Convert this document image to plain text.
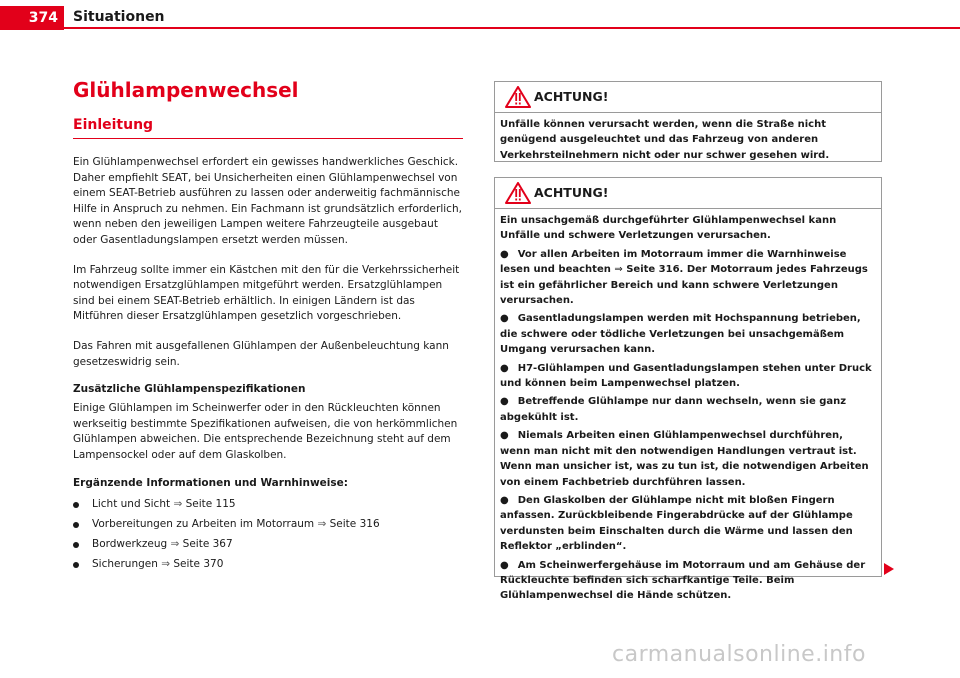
374	Situationen
Glühlampenwechsel
Einleitung

Ein Glühlampenwechsel erfordert ein gewisses handwerkliches Geschick. Daher empfiehlt SEAT, bei Unsicherheiten einen Glühlampenwechsel von einem SEAT-Betrieb ausführen zu lassen oder anderweitig fachmännische Hilfe in Anspruch zu nehmen. Ein Fachmann ist grundsätzlich erforderlich, wenn neben den jeweiligen Lampen weitere Fahrzeugteile ausgebaut oder Gasentladungslampen ersetzt werden müssen.

Im Fahrzeug sollte immer ein Kästchen mit den für die Verkehrssicherheit notwendigen Ersatzglühlampen mitgeführt werden. Ersatzglühlampen sind bei einem SEAT-Betrieb erhältlich. In einigen Ländern ist das Mitführen dieser Ersatzglühlampen gesetzlich vorgeschrieben.

Das Fahren mit ausgefallenen Glühlampen der Außenbeleuchtung kann gesetzeswidrig sein.

Zusätzliche Glühlampenspezifikationen

Einige Glühlampen im Scheinwerfer oder in den Rückleuchten können werkseitig bestimmte Spezifikationen aufweisen, die von herkömmlichen Glühlampen abweichen. Die entsprechende Bezeichnung steht auf dem Lampensockel oder auf dem Glaskolben.

Ergänzende Informationen und Warnhinweise:
Licht und Sicht ⇒ Seite 115
Vorbereitungen zu Arbeiten im Motorraum ⇒ Seite 316
Bordwerkzeug ⇒ Seite 367
Sicherungen ⇒ Seite 370
ACHTUNG!

Unfälle können verursacht werden, wenn die Straße nicht genügend ausgeleuchtet und das Fahrzeug von anderen Verkehrsteilnehmern nicht oder nur schwer gesehen wird.

ACHTUNG!

Ein unsachgemäß durchgeführter Glühlampenwechsel kann Unfälle und schwere Verletzungen verursachen.

● Vor allen Arbeiten im Motorraum immer die Warnhinweise lesen und beachten ⇒ Seite 316. Der Motorraum jedes Fahrzeugs ist ein gefährlicher Bereich und kann schwere Verletzungen verursachen.
● Gasentladungslampen werden mit Hochspannung betrieben, die schwere oder tödliche Verletzungen bei unsachgemäßem Umgang verursachen kann.
● H7-Glühlampen und Gasentladungslampen stehen unter Druck und können beim Lampenwechsel platzen.
● Betreffende Glühlampe nur dann wechseln, wenn sie ganz abgekühlt ist.
● Niemals Arbeiten einen Glühlampenwechsel durchführen, wenn man nicht mit den notwendigen Handlungen vertraut ist. Wenn man unsicher ist, was zu tun ist, die notwendigen Arbeiten von einem Fachbetrieb durchführen lassen.
● Den Glaskolben der Glühlampe nicht mit bloßen Fingern anfassen. Zurückbleibende Fingerabdrücke auf der Glühlampe verdunsten beim Einschalten durch die Wärme und lassen den Reflektor „erblinden“.
● Am Scheinwerfergehäuse im Motorraum und am Gehäuse der Rückleuchte befinden sich scharfkantige Teile. Beim Glühlampenwechsel die Hände schützen.
carmanualsonline.info
